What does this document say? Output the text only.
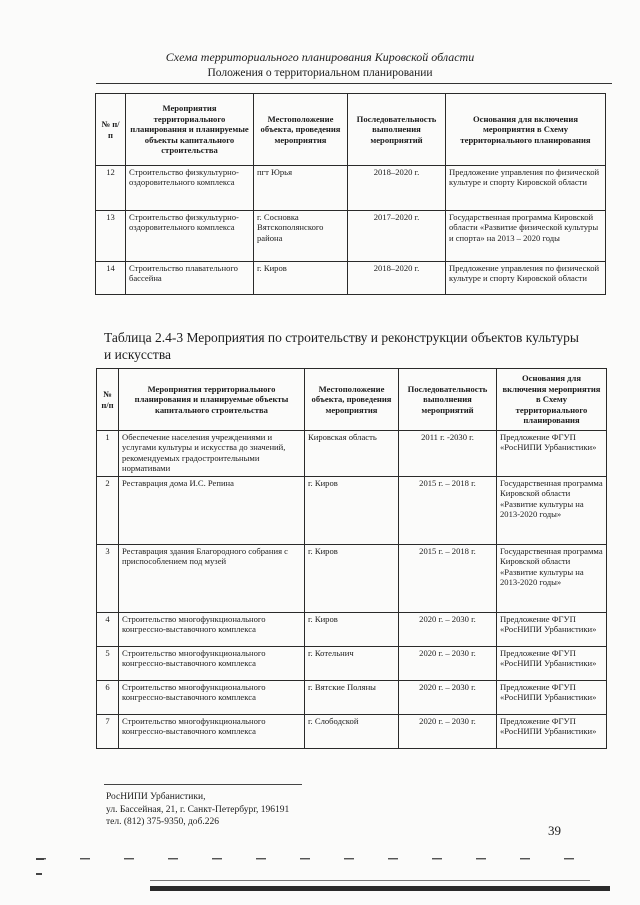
Схема территориального планирования Кировской области
Положения о территориальном планировании
№ п/п	Мероприятия территориального планирования и планируемые объекты капитального строительства	Местоположение объекта, проведения мероприятия	Последовательность выполнения мероприятий	Основания для включения мероприятия в Схему территориального планирования
12	Строительство физкультурно-оздоровительного комплекса	пгт Юрья	2018–2020 г.	Предложение управления по физической культуре и спорту Кировской области
13	Строительство физкультурно-оздоровительного комплекса	г. Сосновка Вятскополянского района	2017–2020 г.	Государственная программа Кировской области «Развитие физической культуры и спорта» на 2013 – 2020 годы
14	Строительство плавательного бассейна	г. Киров	2018–2020 г.	Предложение управления по физической культуре и спорту Кировской области
Таблица 2.4-3 Мероприятия по строительству и реконструкции объектов культуры и искусства
№ п/п	Мероприятия территориального планирования и планируемые объекты капитального строительства	Местоположение объекта, проведения мероприятия	Последовательность выполнения мероприятий	Основания для включения мероприятия в Схему территориального планирования
1	Обеспечение населения учреждениями и услугами культуры и искусства до значений, рекомендуемых градостроительными нормативами	Кировская область	2011 г. -2030 г.	Предложение ФГУП «РосНИПИ Урбанистики»
2	Реставрация дома И.С. Репина	г. Киров	2015 г. – 2018 г.	Государственная программа Кировской области «Развитие культуры на 2013-2020 годы»
3	Реставрация здания Благородного собрания с приспособлением под музей	г. Киров	2015 г. – 2018 г.	Государственная программа Кировской области «Развитие культуры на 2013-2020 годы»
4	Строительство многофункционального конгрессно-выставочного комплекса	г. Киров	2020 г. – 2030 г.	Предложение ФГУП «РосНИПИ Урбанистики»
5	Строительство многофункционального конгрессно-выставочного комплекса	г. Котельнич	2020 г. – 2030 г.	Предложение ФГУП «РосНИПИ Урбанистики»
6	Строительство многофункционального конгрессно-выставочного комплекса	г. Вятские Поляны	2020 г. – 2030 г.	Предложение ФГУП «РосНИПИ Урбанистики»
7	Строительство многофункционального конгрессно-выставочного комплекса	г. Слободской	2020 г. – 2030 г.	Предложение ФГУП «РосНИПИ Урбанистики»
РосНИПИ Урбанистики,
ул. Бассейная, 21, г. Санкт-Петербург, 196191
тел. (812) 375-9350, доб.226
39
